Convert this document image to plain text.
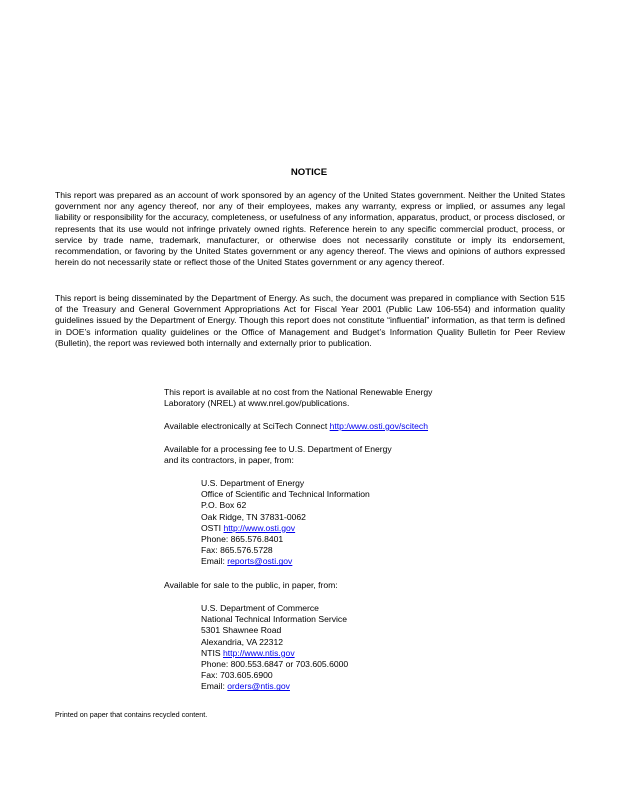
NOTICE

This report was prepared as an account of work sponsored by an agency of the United States government. Neither the United States government nor any agency thereof, nor any of their employees, makes any warranty, express or implied, or assumes any legal liability or responsibility for the accuracy, completeness, or usefulness of any information, apparatus, product, or process disclosed, or represents that its use would not infringe privately owned rights. Reference herein to any specific commercial product, process, or service by trade name, trademark, manufacturer, or otherwise does not necessarily constitute or imply its endorsement, recommendation, or favoring by the United States government or any agency thereof. The views and opinions of authors expressed herein do not necessarily state or reflect those of the United States government or any agency thereof.

This report is being disseminated by the Department of Energy. As such, the document was prepared in compliance with Section 515 of the Treasury and General Government Appropriations Act for Fiscal Year 2001 (Public Law 106-554) and information quality guidelines issued by the Department of Energy. Though this report does not constitute “influential” information, as that term is defined in DOE’s information quality guidelines or the Office of Management and Budget’s Information Quality Bulletin for Peer Review (Bulletin), the report was reviewed both internally and externally prior to publication.

This report is available at no cost from the National Renewable Energy
Laboratory (NREL) at www.nrel.gov/publications.
Available electronically at SciTech Connect http:/www.osti.gov/scitech
Available for a processing fee to U.S. Department of Energy
and its contractors, in paper, from:
U.S. Department of Energy
Office of Scientific and Technical Information
P.O. Box 62
Oak Ridge, TN 37831-0062
OSTI http://www.osti.gov
Phone: 865.576.8401
Fax: 865.576.5728
Email: reports@osti.gov
Available for sale to the public, in paper, from:
U.S. Department of Commerce
National Technical Information Service
5301 Shawnee Road
Alexandria, VA 22312
NTIS http://www.ntis.gov
Phone: 800.553.6847 or 703.605.6000
Fax: 703.605.6900
Email: orders@ntis.gov
Printed on paper that contains recycled content.
